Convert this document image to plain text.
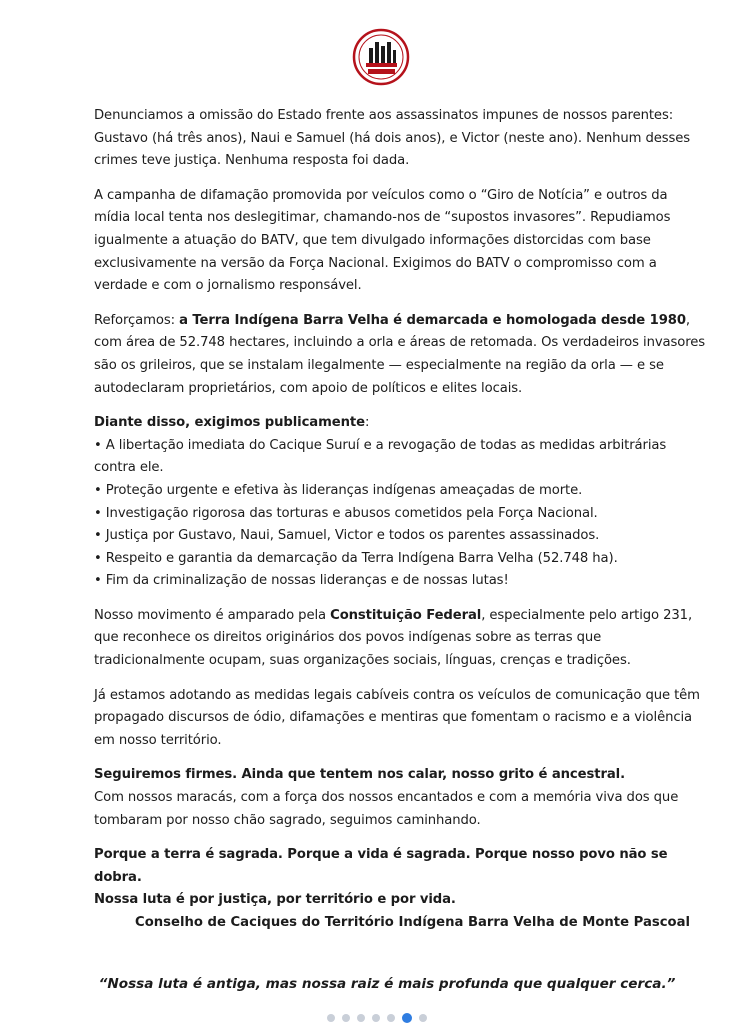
Denunciamos a omissão do Estado frente aos assassinatos impunes de nossos parentes: Gustavo (há três anos), Naui e Samuel (há dois anos), e Victor (neste ano). Nenhum desses crimes teve justiça. Nenhuma resposta foi dada.

A campanha de difamação promovida por veículos como o “Giro de Notícia” e outros da mídia local tenta nos deslegitimar, chamando-nos de “supostos invasores”. Repudiamos igualmente a atuação do BATV, que tem divulgado informações distorcidas com base exclusivamente na versão da Força Nacional. Exigimos do BATV o compromisso com a verdade e com o jornalismo responsável.

Reforçamos: a Terra Indígena Barra Velha é demarcada e homologada desde 1980, com área de 52.748 hectares, incluindo a orla e áreas de retomada. Os verdadeiros invasores são os grileiros, que se instalam ilegalmente — especialmente na região da orla — e se autodeclaram proprietários, com apoio de políticos e elites locais.

Diante disso, exigimos publicamente:
• A libertação imediata do Cacique Suruí e a revogação de todas as medidas arbitrárias contra ele.
• Proteção urgente e efetiva às lideranças indígenas ameaçadas de morte.
• Investigação rigorosa das torturas e abusos cometidos pela Força Nacional.
• Justiça por Gustavo, Naui, Samuel, Victor e todos os parentes assassinados.
• Respeito e garantia da demarcação da Terra Indígena Barra Velha (52.748 ha).
• Fim da criminalização de nossas lideranças e de nossas lutas!

Nosso movimento é amparado pela Constituição Federal, especialmente pelo artigo 231, que reconhece os direitos originários dos povos indígenas sobre as terras que tradicionalmente ocupam, suas organizações sociais, línguas, crenças e tradições.

Já estamos adotando as medidas legais cabíveis contra os veículos de comunicação que têm propagado discursos de ódio, difamações e mentiras que fomentam o racismo e a violência em nosso território.

Seguiremos firmes. Ainda que tentem nos calar, nosso grito é ancestral.
Com nossos maracás, com a força dos nossos encantados e com a memória viva dos que tombaram por nosso chão sagrado, seguimos caminhando.
Porque a terra é sagrada. Porque a vida é sagrada. Porque nosso povo não se dobra.
Nossa luta é por justiça, por território e por vida.
Conselho de Caciques do Território Indígena Barra Velha de Monte Pascoal
“Nossa luta é antiga, mas nossa raiz é mais profunda que qualquer cerca.”
